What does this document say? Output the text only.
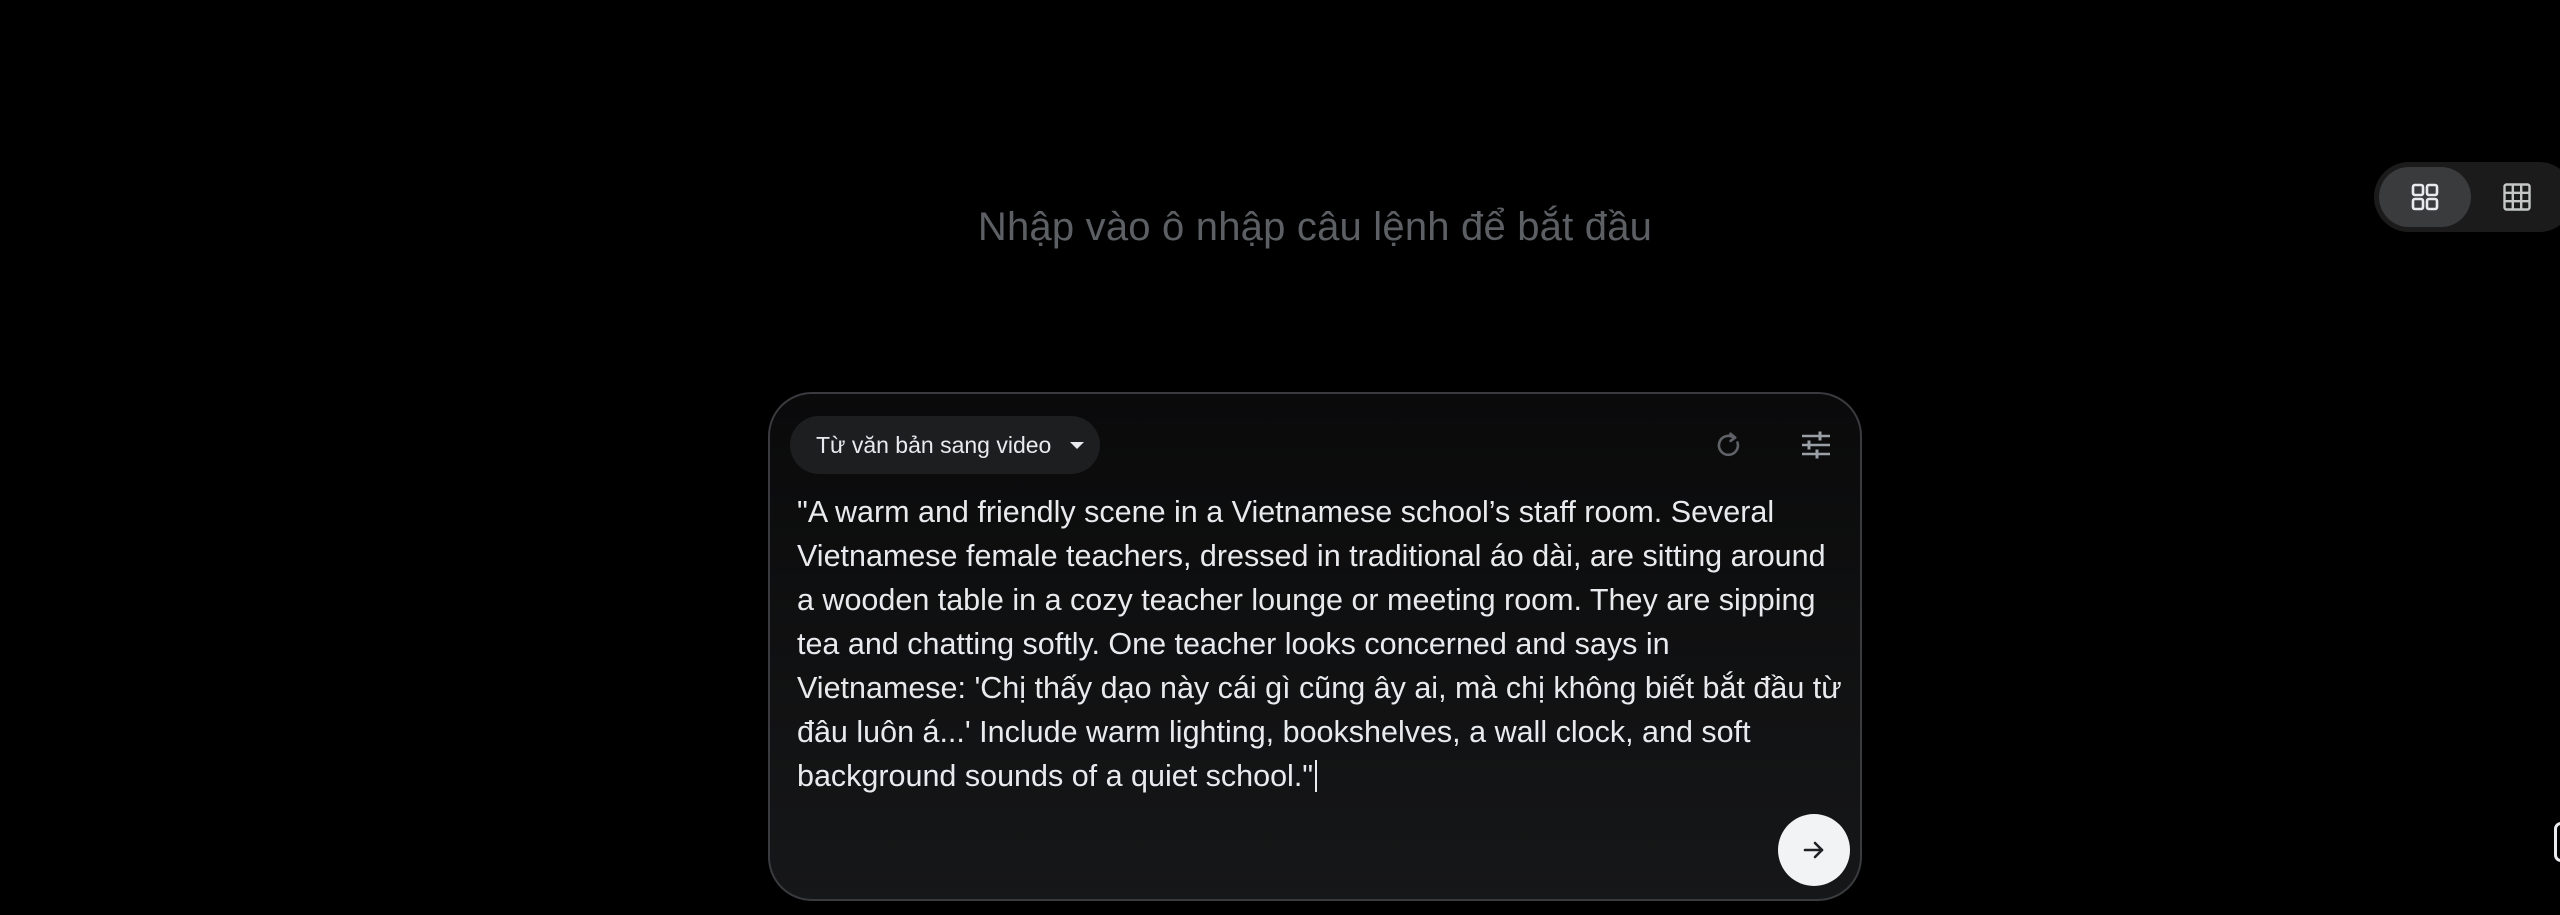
Nhập vào ô nhập câu lệnh để bắt đầu
Từ văn bản sang video

"A warm and friendly scene in a Vietnamese school’s staff room. Several Vietnamese female teachers, dressed in traditional áo dài, are sitting around a wooden table in a cozy teacher lounge or meeting room. They are sipping tea and chatting softly. One teacher looks concerned and says in Vietnamese: 'Chị thấy dạo này cái gì cũng ây ai, mà chị không biết bắt đầu từ đâu luôn á...' Include warm lighting, bookshelves, a wall clock, and soft background sounds of a quiet school."
